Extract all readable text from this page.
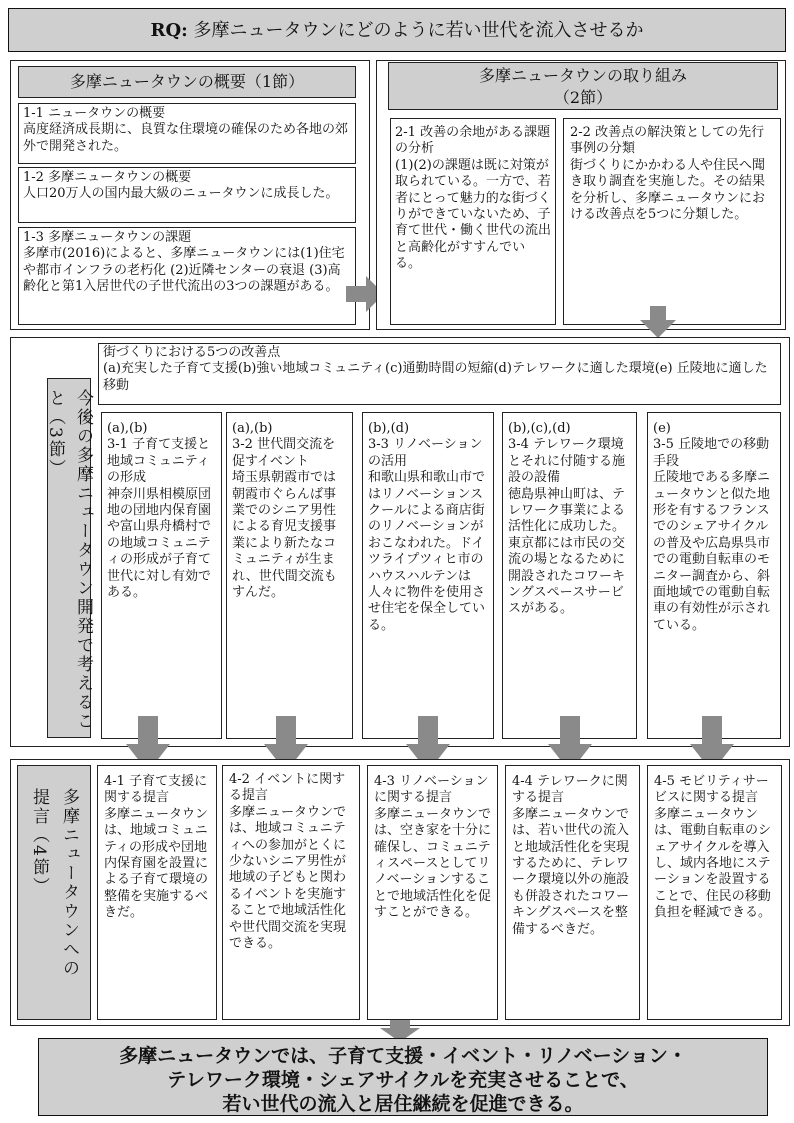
RQ: 多摩ニュータウンにどのように若い世代を流入させるか
多摩ニュータウンの概要（1節）
1-1 ニュータウンの概要
高度経済成長期に、良質な住環境の確保のため各地の郊外で開発された。
1-2 多摩ニュータウンの概要
人口20万人の国内最大級のニュータウンに成長した。
1-3 多摩ニュータウンの課題
多摩市(2016)によると、多摩ニュータウンには(1)住宅や都市インフラの老朽化 (2)近隣センターの衰退 (3)高齢化と第1入居世代の子世代流出の3つの課題がある。
多摩ニュータウンの取り組み
（2節）
2-1 改善の余地がある課題の分析
(1)(2)の課題は既に対策が取られている。一方で、若者にとって魅力的な街づくりができていないため、子育て世代・働く世代の流出と高齢化がすすんでいる。
2-2 改善点の解決策としての先行事例の分類
街づくりにかかわる人や住民へ聞き取り調査を実施した。その結果を分析し、多摩ニュータウンにおける改善点を5つに分類した。
今後の多摩ニュータウン開発で考えること（3節）
街づくりにおける5つの改善点
(a)充実した子育て支援(b)強い地域コミュニティ(c)通勤時間の短縮(d)テレワークに適した環境(e) 丘陵地に適した移動
(a),(b)
3-1 子育て支援と地域コミュニティの形成
神奈川県相模原団地の団地内保育園や富山県舟橋村での地域コミュニティの形成が子育て世代に対し有効である。
(a),(b)
3-2 世代間交流を促すイベント
埼玉県朝霞市では朝霞市ぐらんば事業でのシニア男性による育児支援事業により新たなコミュニティが生まれ、世代間交流もすんだ。
(b),(d)
3-3 リノベーションの活用
和歌山県和歌山市ではリノベーションスクールによる商店街のリノベーションがおこなわれた。ドイツライプツィヒ市のハウスハルテンは人々に物件を使用させ住宅を保全している。
(b),(c),(d)
3-4 テレワーク環境とそれに付随する施設の設備
徳島県神山町は、テレワーク事業による活性化に成功した。東京都には市民の交流の場となるために開設されたコワーキングスペースサービスがある。
(e)
3-5 丘陵地での移動手段
丘陵地である多摩ニュータウンと似た地形を有するフランスでのシェアサイクルの普及や広島県呉市での電動自転車のモニター調査から、斜面地域での電動自転車の有効性が示されている。
多摩ニュータウンへの
提言（4節）
4-1 子育て支援に関する提言
多摩ニュータウンは、地域コミュニティの形成や団地内保育園を設置による子育て環境の整備を実施するべきだ。
4-2 イベントに関する提言
多摩ニュータウンでは、地域コミュニティへの参加がとくに少ないシニア男性が地域の子どもと関わるイベントを実施することで地域活性化や世代間交流を実現できる。
4-3 リノベーションに関する提言
多摩ニュータウンでは、空き家を十分に確保し、コミュニティスペースとしてリノベーションすることで地域活性化を促すことができる。
4-4 テレワークに関する提言
多摩ニュータウンでは、若い世代の流入と地域活性化を実現するために、テレワーク環境以外の施設も併設されたコワーキングスペースを整備するべきだ。
4-5 モビリティサービスに関する提言
多摩ニュータウンは、電動自転車のシェアサイクルを導入し、域内各地にステーションを設置することで、住民の移動負担を軽減できる。
多摩ニュータウンでは、子育て支援・イベント・リノベーション・
テレワーク環境・シェアサイクルを充実させることで、
若い世代の流入と居住継続を促進できる。
